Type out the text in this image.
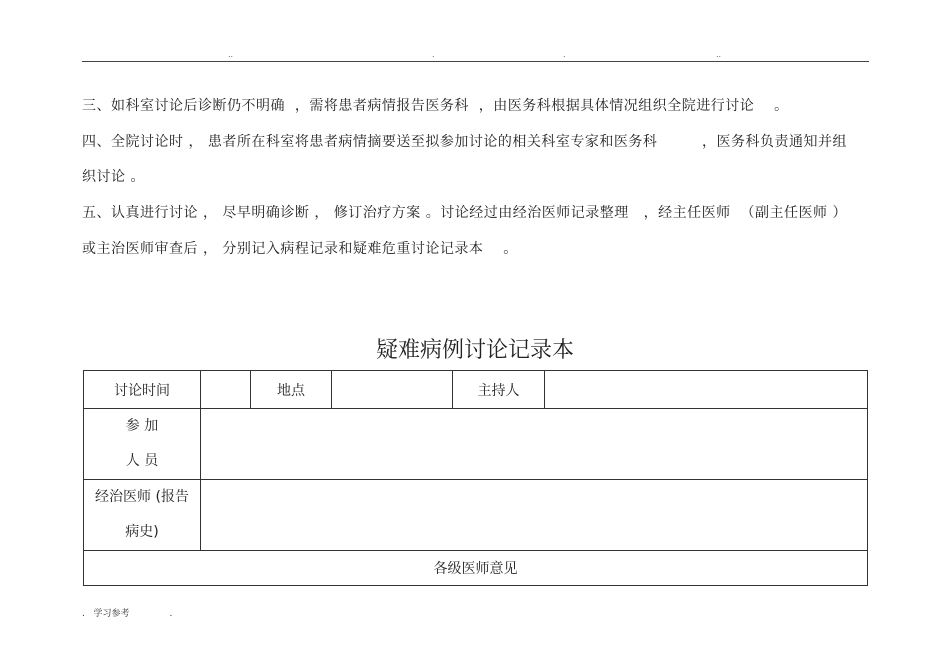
..	.	.	..
三、如科室讨论后诊断仍不明确  ，需将患者病情报告医务科  ，由医务科根据具体情况组织全院进行讨论    。
四、全院讨论时 ， 患者所在科室将患者病情摘要送至拟参加讨论的相关科室专家和医务科         ，医务科负责通知并组
织讨论 。
五、认真进行讨论 ， 尽早明确诊断 ， 修订治疗方案 。讨论经过由经治医师记录整理   ，经主任医师  （副主任医师 ）
或主治医师审查后 ， 分别记入病程记录和疑难危重讨论记录本    。
疑难病例讨论记录本
讨论时间		地点		主持人	

参 加
人 员					

经治医师 (报告
病史)					

各级医师意见					
.   学习参考              .
